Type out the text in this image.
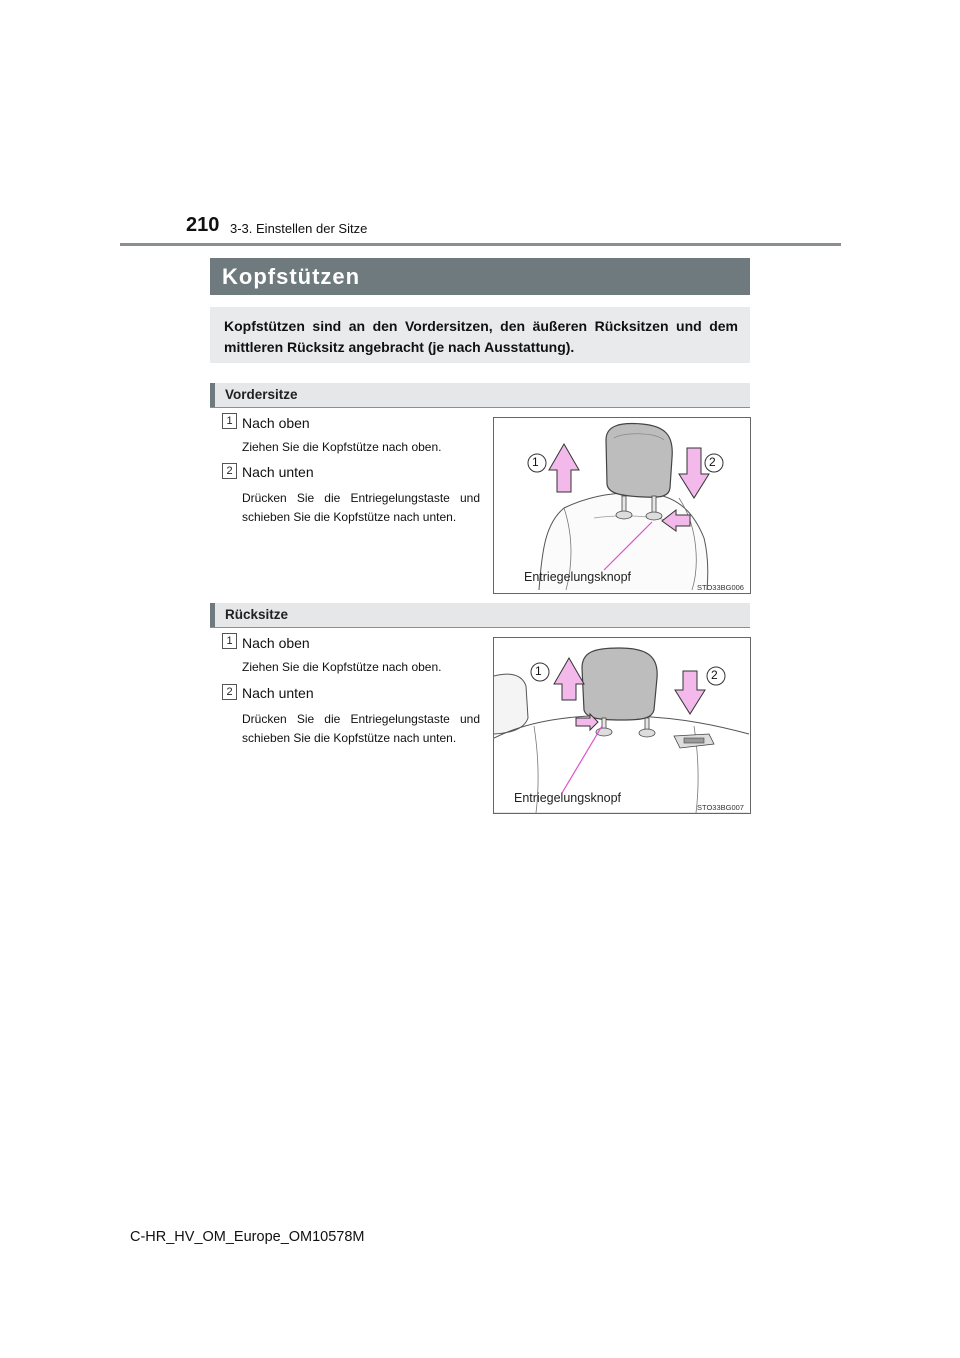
210 3-3. Einstellen der Sitze
Kopfstützen
Kopfstützen sind an den Vordersitzen, den äußeren Rücksitzen und dem mittleren Rücksitz angebracht (je nach Ausstattung).
Vordersitze
1 Nach oben
Ziehen Sie die Kopfstütze nach oben.
2 Nach unten
Drücken Sie die Entriegelungstaste und schieben Sie die Kopfstütze nach unten.
1	2
Entriegelungsknopf
STO33BG006
Rücksitze
1 Nach oben
Ziehen Sie die Kopfstütze nach oben.
2 Nach unten
Drücken Sie die Entriegelungstaste und schieben Sie die Kopfstütze nach unten.
1	2
Entriegelungsknopf
STO33BG007
C-HR_HV_OM_Europe_OM10578M
